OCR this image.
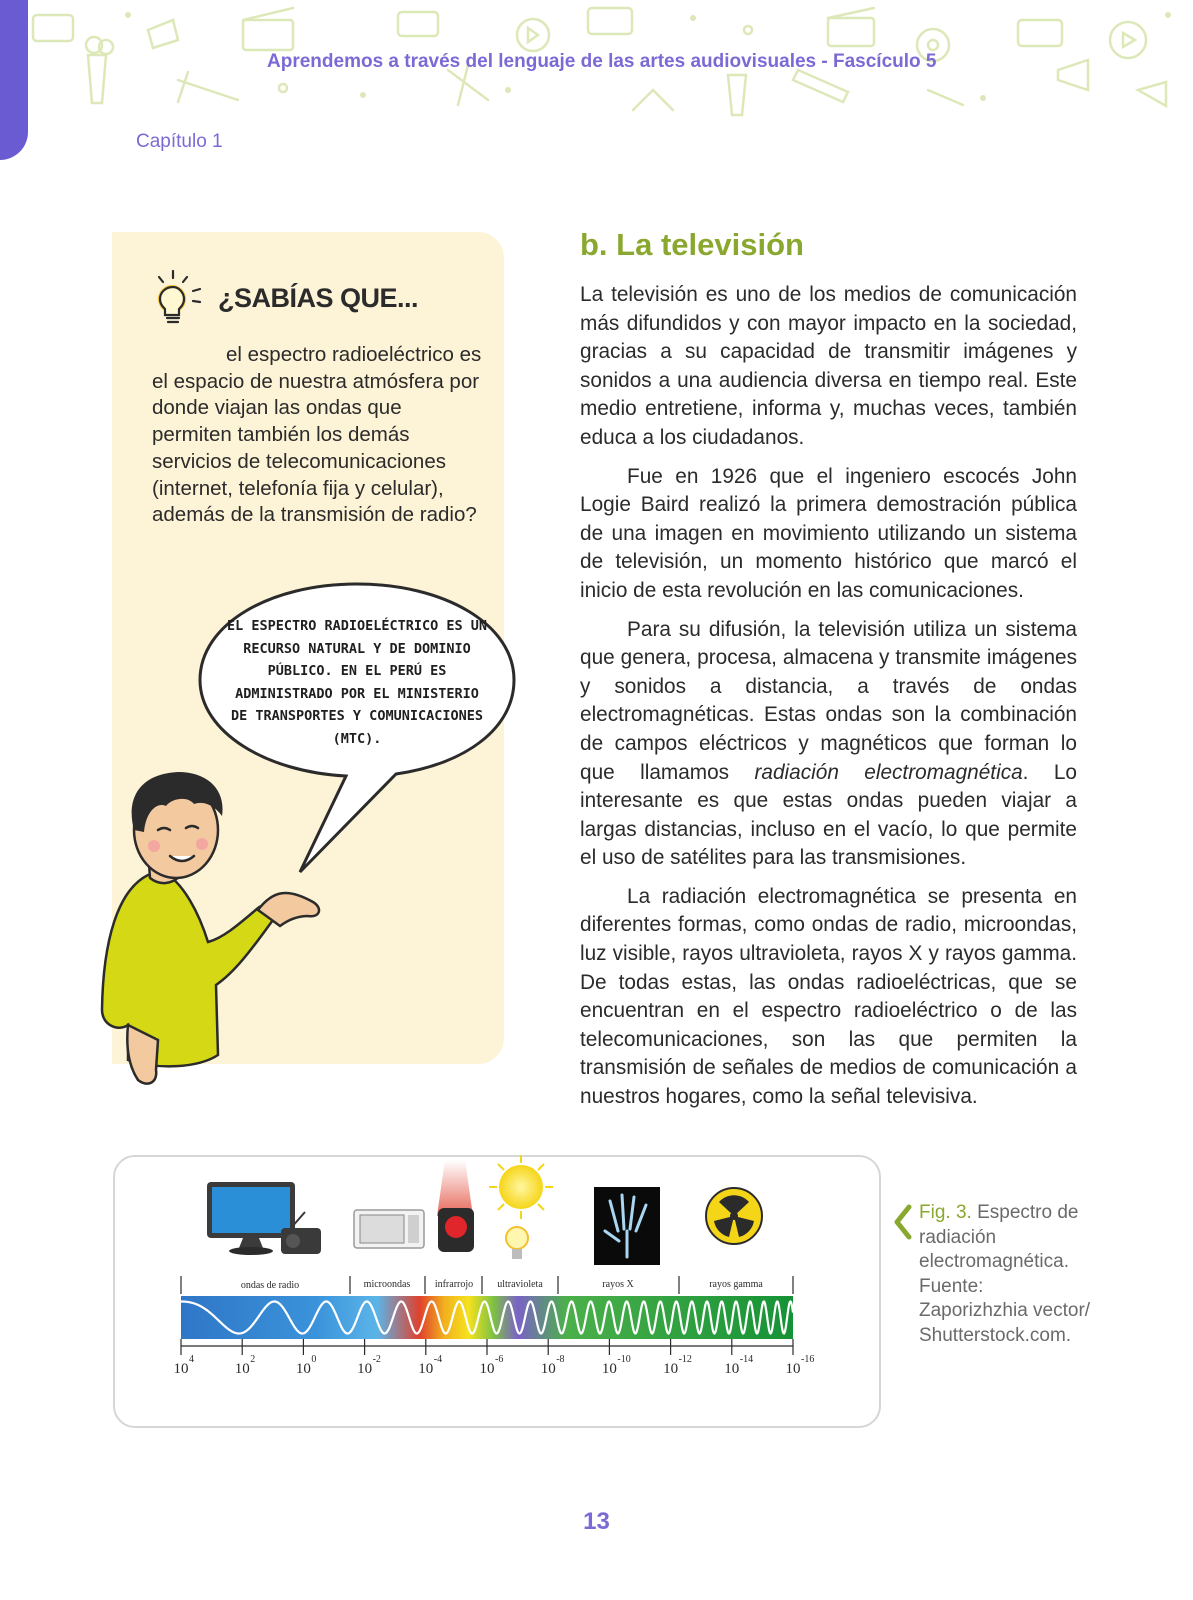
Aprendemos a través del lenguaje de las artes audiovisuales - Fascículo 5
Capítulo 1
¿SABÍAS QUE...
el espectro radioeléctrico es el espacio de nuestra atmósfera por donde viajan las ondas que permiten también los demás servicios de telecomunicaciones (internet, telefonía fija y celular), además de la transmisión de radio?
EL ESPECTRO RADIOELÉCTRICO ES UN RECURSO NATURAL Y DE DOMINIO PÚBLICO. EN EL PERÚ ES ADMINISTRADO POR EL MINISTERIO DE TRANSPORTES Y COMUNICACIONES (MTC).
b. La televisión

La televisión es uno de los medios de comunicación más difundidos y con mayor impacto en la sociedad, gracias a su capacidad de transmitir imágenes y sonidos a una audiencia diversa en tiempo real. Este medio entretiene, informa y, muchas veces, también educa a los ciudadanos.

Fue en 1926 que el ingeniero escocés John Logie Baird realizó la primera demostración pública de una imagen en movimiento utilizando un sistema de televisión, un momento histórico que marcó el inicio de esta revolución en las comunicaciones.

Para su difusión, la televisión utiliza un sistema que genera, procesa, almacena y transmite imágenes y sonidos a distancia, a través de ondas electromagnéticas. Estas ondas son la combinación de campos eléctricos y magnéticos que forman lo que llamamos radiación electromagnética. Lo interesante es que estas ondas pueden viajar a largas distancias, incluso en el vacío, lo que permite el uso de satélites para las transmisiones.

La radiación electromagnética se presenta en diferentes formas, como ondas de radio, microondas, luz visible, rayos ultravioleta, rayos X y rayos gamma. De todas estas, las ondas radioeléctricas, que se encuentran en el espectro radioeléctrico o de las telecomunicaciones, son las que permiten la transmisión de señales de medios de comunicación a nuestros hogares, como la señal televisiva.

ondas de radio	microondas infrarrojo ultravioleta	rayos X	rayos gamma
10
4
10
2
10
0
10
-2
10
-4
10
-6
10
-8
10
-10
10
-12
10
-14
10
-16
Fig. 3. Espectro de radiación electromagnética. Fuente: Zaporizhzhia vector/ Shutterstock.com.
13
